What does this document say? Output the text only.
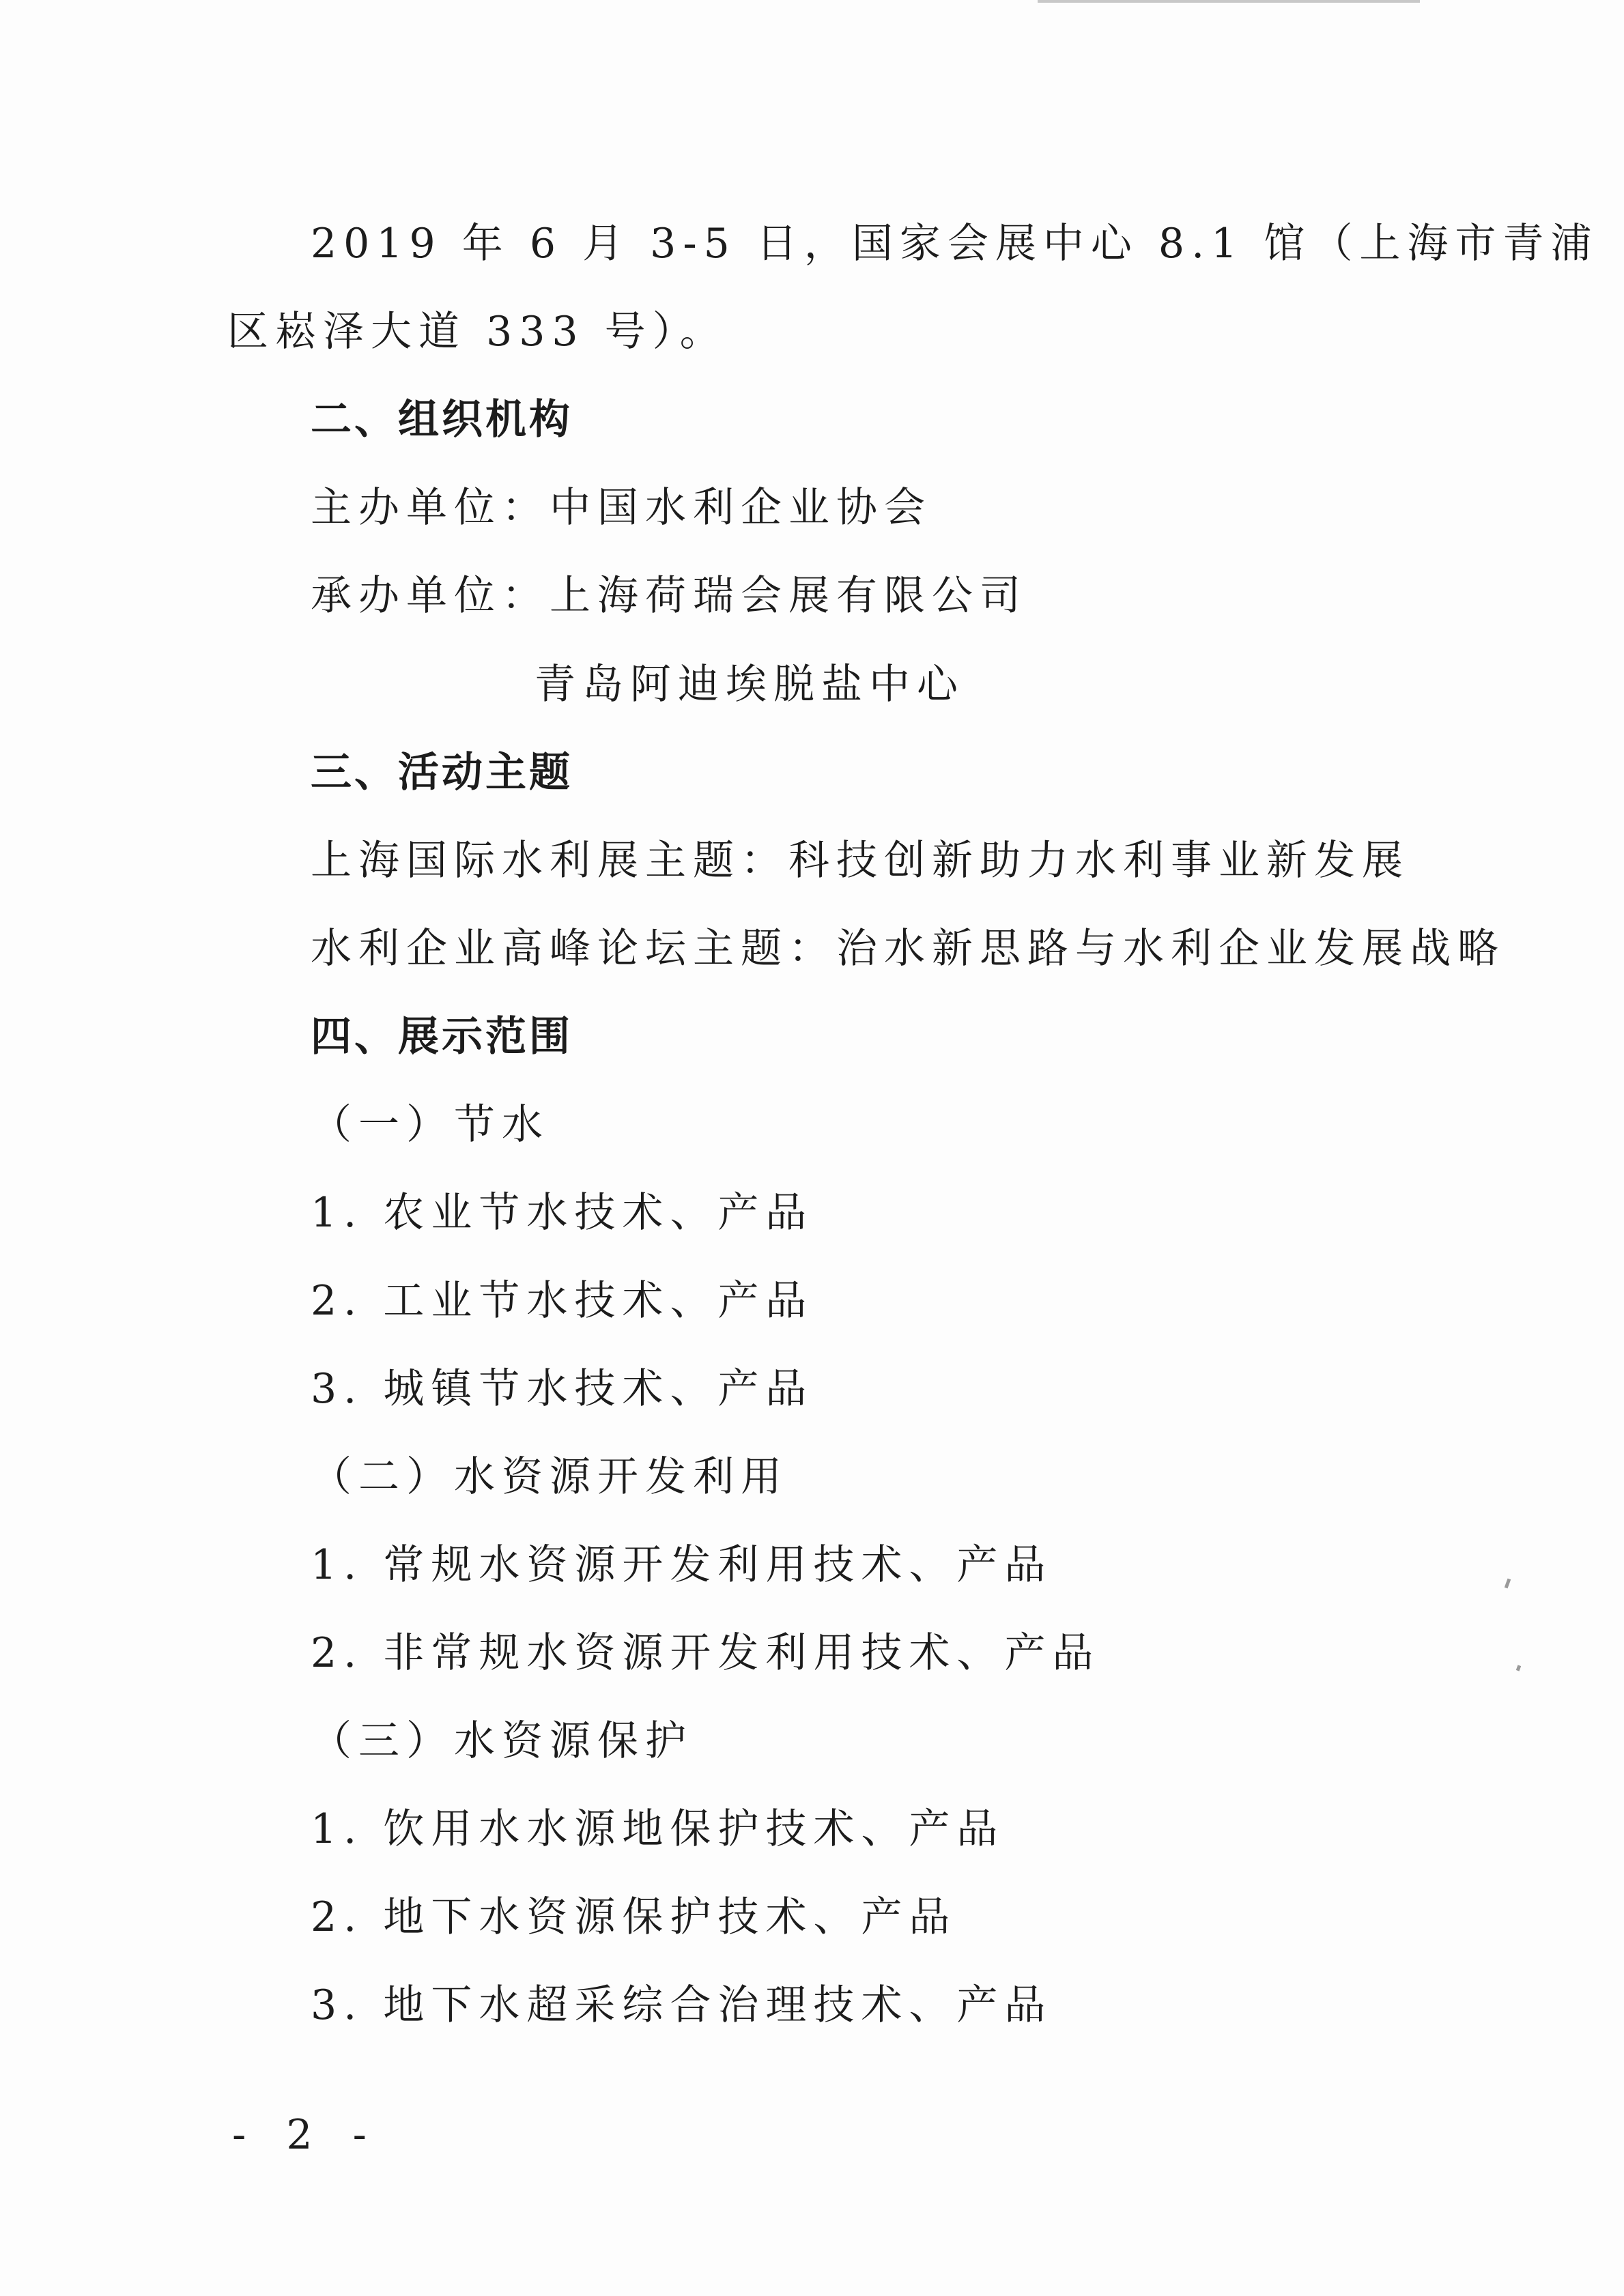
2019 年 6 月 3-5 日，国家会展中心 8.1 馆（上海市青浦
区崧泽大道 333 号）。
二、组织机构
主办单位：中国水利企业协会
承办单位：上海荷瑞会展有限公司
青岛阿迪埃脱盐中心
三、活动主题
上海国际水利展主题：科技创新助力水利事业新发展
水利企业高峰论坛主题：治水新思路与水利企业发展战略
四、展示范围
（一）节水
1. 农业节水技术、产品
2. 工业节水技术、产品
3. 城镇节水技术、产品
（二）水资源开发利用
1. 常规水资源开发利用技术、产品
2. 非常规水资源开发利用技术、产品
（三）水资源保护
1. 饮用水水源地保护技术、产品
2. 地下水资源保护技术、产品
3. 地下水超采综合治理技术、产品
- 2 -
